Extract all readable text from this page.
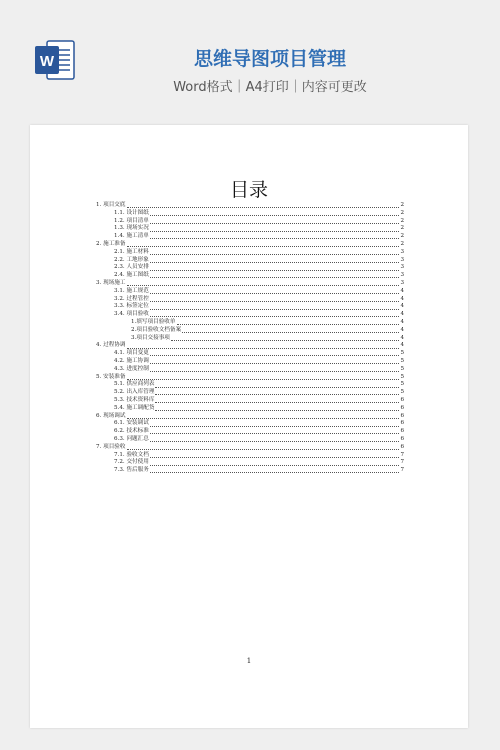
W	思维导图项目管理
Word格式｜A4打印｜内容可更改
目录
1. 项目交底	2
1.1. 设计图纸	2
1.2. 项目清单	2
1.3. 现场实况	2
1.4. 施工清单	2
2. 施工准备	2
2.1. 施工材料	3
2.2. 工地形象	3
2.3. 人员安排	3
2.4. 施工图纸	3
3. 现场施工	3
3.1. 施工规范	4
3.2. 过程管控	4
3.3. 标签定位	4
3.4. 项目验收	4
1.填写项目验收单	4
2.项目验收文档备案	4
3.项目交接事项	4
4. 过程协调	4
4.1. 项目变更	5
4.2. 施工协调	5
4.3. 进度控制	5
5. 安装准备	5
5.1. 供应商列表	5
5.2. 出入库管理	5
5.3. 技术资料库	6
5.4. 施工调配货	6
6. 现场调试	6
6.1. 安装调试	6
6.2. 技术标准	6
6.3. 问题汇总	6
7. 项目验收	6
7.1. 验收文档	7
7.2. 交付使用	7
7.3. 售后服务	7
1
